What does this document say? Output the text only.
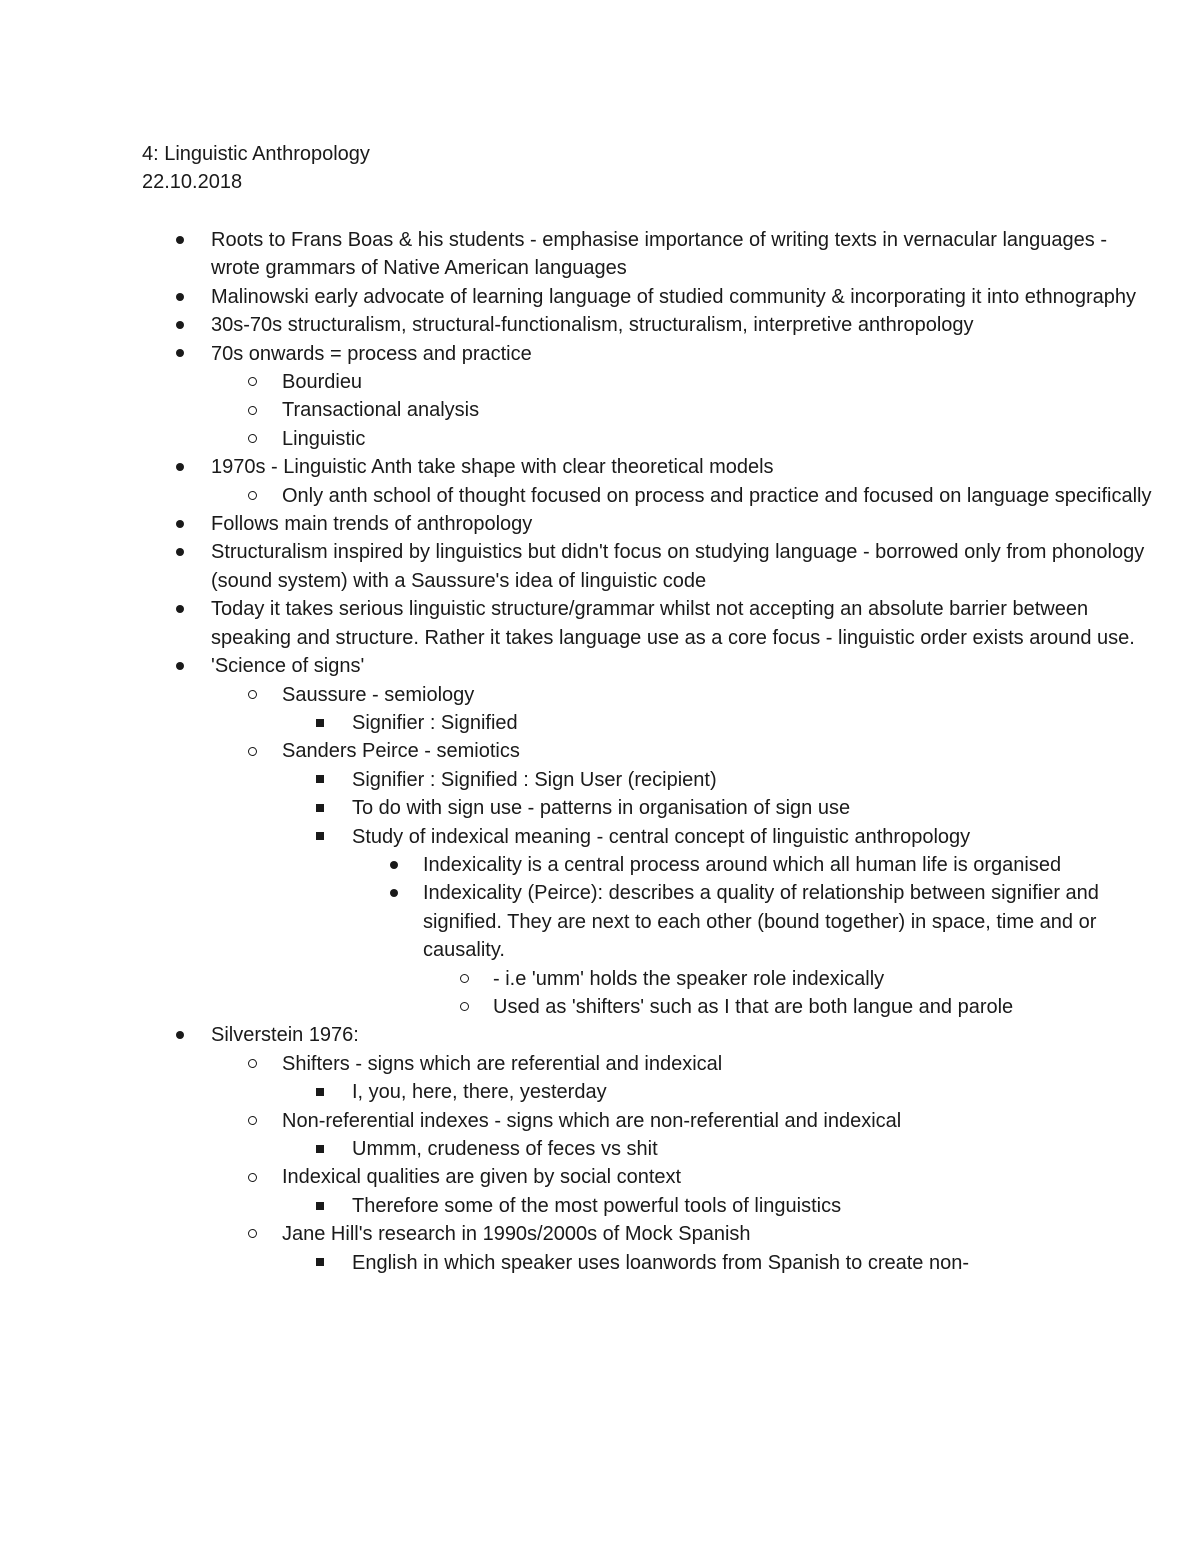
4: Linguistic Anthropology
22.10.2018
Roots to Frans Boas & his students - emphasise importance of writing texts in vernacular languages - wrote grammars of Native American languages
Malinowski early advocate of learning language of studied community & incorporating it into ethnography
30s-70s structuralism, structural-functionalism, structuralism, interpretive anthropology
70s onwards = process and practice
Bourdieu
Transactional analysis
Linguistic
1970s - Linguistic Anth take shape with clear theoretical models
Only anth school of thought focused on process and practice and focused on language specifically
Follows main trends of anthropology
Structuralism inspired by linguistics but didn't focus on studying language - borrowed only from phonology (sound system) with a Saussure's idea of linguistic code
Today it takes serious linguistic structure/grammar whilst not accepting an absolute barrier between speaking and structure. Rather it takes language use as a core focus - linguistic order exists around use.
'Science of signs'
Saussure - semiology
Signifier : Signified
Sanders Peirce - semiotics
Signifier : Signified : Sign User (recipient)
To do with sign use - patterns in organisation of sign use
Study of indexical meaning - central concept of linguistic anthropology
Indexicality is a central process around which all human life is organised
Indexicality (Peirce): describes a quality of relationship between signifier and signified. They are next to each other (bound together) in space, time and or causality.
- i.e 'umm' holds the speaker role indexically
Used as 'shifters' such as I that are both langue and parole
Silverstein 1976:
Shifters - signs which are referential and indexical
I, you, here, there, yesterday
Non-referential indexes - signs which are non-referential and indexical
Ummm, crudeness of feces vs shit
Indexical qualities are given by social context
Therefore some of the most powerful tools of linguistics
Jane Hill's research in 1990s/2000s of Mock Spanish
English in which speaker uses loanwords from Spanish to create non-
